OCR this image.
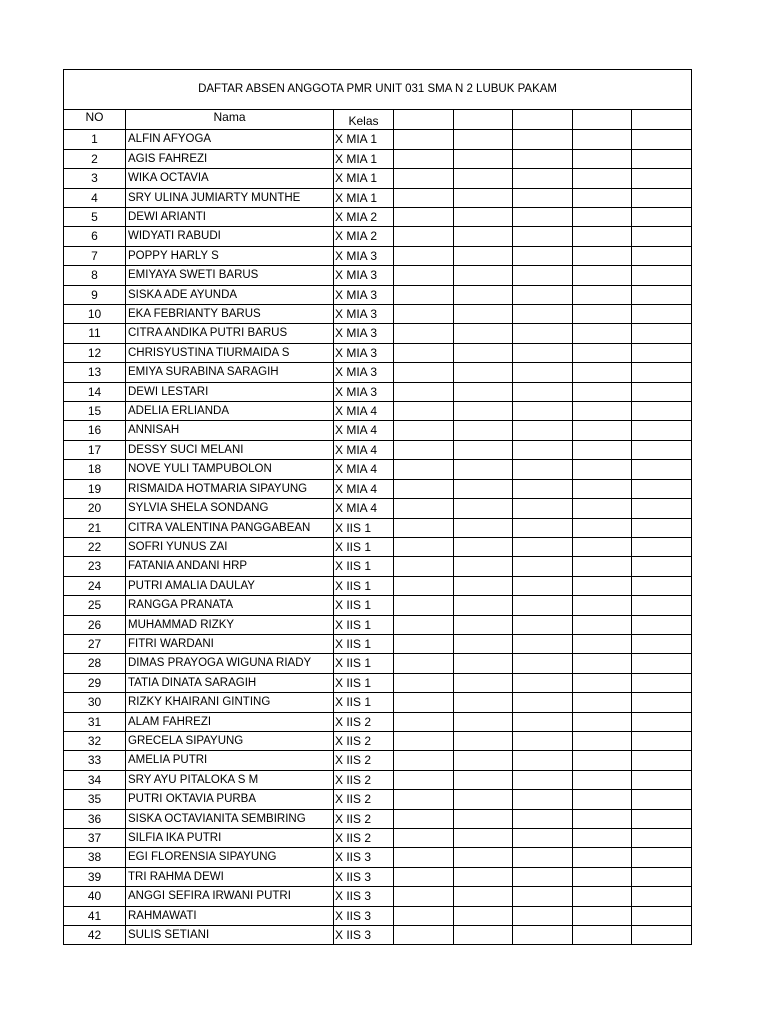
DAFTAR ABSEN ANGGOTA PMR UNIT 031 SMA N 2 LUBUK PAKAM							
NO	Nama	Kelas					
1	ALFIN AFYOGA	X MIA 1					
2	AGIS FAHREZI	X MIA 1					
3	WIKA OCTAVIA	X MIA 1					
4	SRY ULINA JUMIARTY MUNTHE	X MIA 1					
5	DEWI ARIANTI	X MIA 2					
6	WIDYATI RABUDI	X MIA 2					
7	POPPY HARLY S	X MIA 3					
8	EMIYAYA SWETI BARUS	X MIA 3					
9	SISKA ADE AYUNDA	X MIA 3					
10	EKA FEBRIANTY BARUS	X MIA 3					
11	CITRA ANDIKA PUTRI BARUS	X MIA 3					
12	CHRISYUSTINA TIURMAIDA S	X MIA 3					
13	EMIYA SURABINA SARAGIH	X MIA 3					
14	DEWI LESTARI	X MIA 3					
15	ADELIA ERLIANDA	X MIA 4					
16	ANNISAH	X MIA 4					
17	DESSY SUCI MELANI	X MIA 4					
18	NOVE YULI TAMPUBOLON	X MIA 4					
19	RISMAIDA HOTMARIA SIPAYUNG	X MIA 4					
20	SYLVIA SHELA SONDANG	X MIA 4					
21	CITRA VALENTINA PANGGABEAN	X IIS 1					
22	SOFRI YUNUS ZAI	X IIS 1					
23	FATANIA ANDANI HRP	X IIS 1					
24	PUTRI AMALIA DAULAY	X IIS 1					
25	RANGGA PRANATA	X IIS 1					
26	MUHAMMAD RIZKY	X IIS 1					
27	FITRI WARDANI	X IIS 1					
28	DIMAS PRAYOGA WIGUNA RIADY	X IIS 1					
29	TATIA DINATA SARAGIH	X IIS 1					
30	RIZKY KHAIRANI GINTING	X IIS 1					
31	ALAM FAHREZI	X IIS 2					
32	GRECELA SIPAYUNG	X IIS 2					
33	AMELIA PUTRI	X IIS 2					
34	SRY AYU PITALOKA S M	X IIS 2					
35	PUTRI OKTAVIA PURBA	X IIS 2					
36	SISKA OCTAVIANITA SEMBIRING	X IIS 2					
37	SILFIA IKA PUTRI	X IIS 2					
38	EGI FLORENSIA SIPAYUNG	X IIS 3					
39	TRI RAHMA DEWI	X IIS 3					
40	ANGGI SEFIRA IRWANI PUTRI	X IIS 3					
41	RAHMAWATI	X IIS 3					
42	SULIS SETIANI	X IIS 3					
